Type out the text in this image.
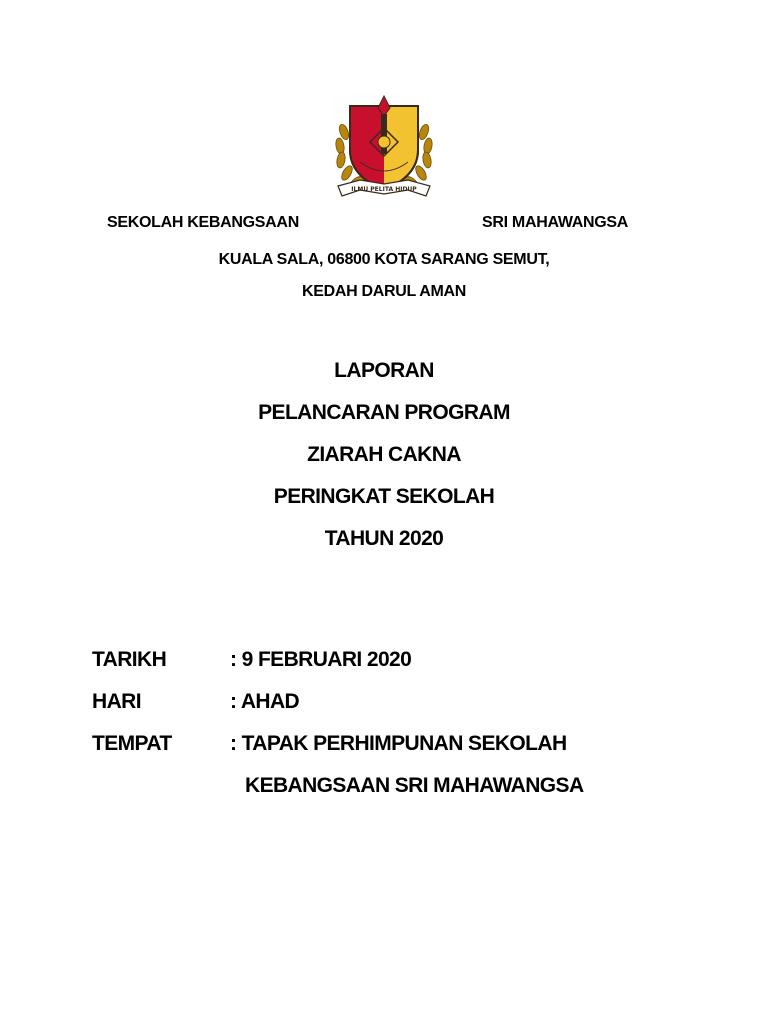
ILMU PELITA HIDUP
SEKOLAH KEBANGSAAN	SRI MAHAWANGSA
KUALA SALA, 06800 KOTA SARANG SEMUT,
KEDAH DARUL AMAN
LAPORAN
PELANCARAN PROGRAM
ZIARAH CAKNA
PERINGKAT SEKOLAH
TAHUN 2020
TARIKH	: 9 FEBRUARI 2020
HARI	: AHAD
TEMPAT	: TAPAK PERHIMPUNAN SEKOLAH
KEBANGSAAN SRI MAHAWANGSA
